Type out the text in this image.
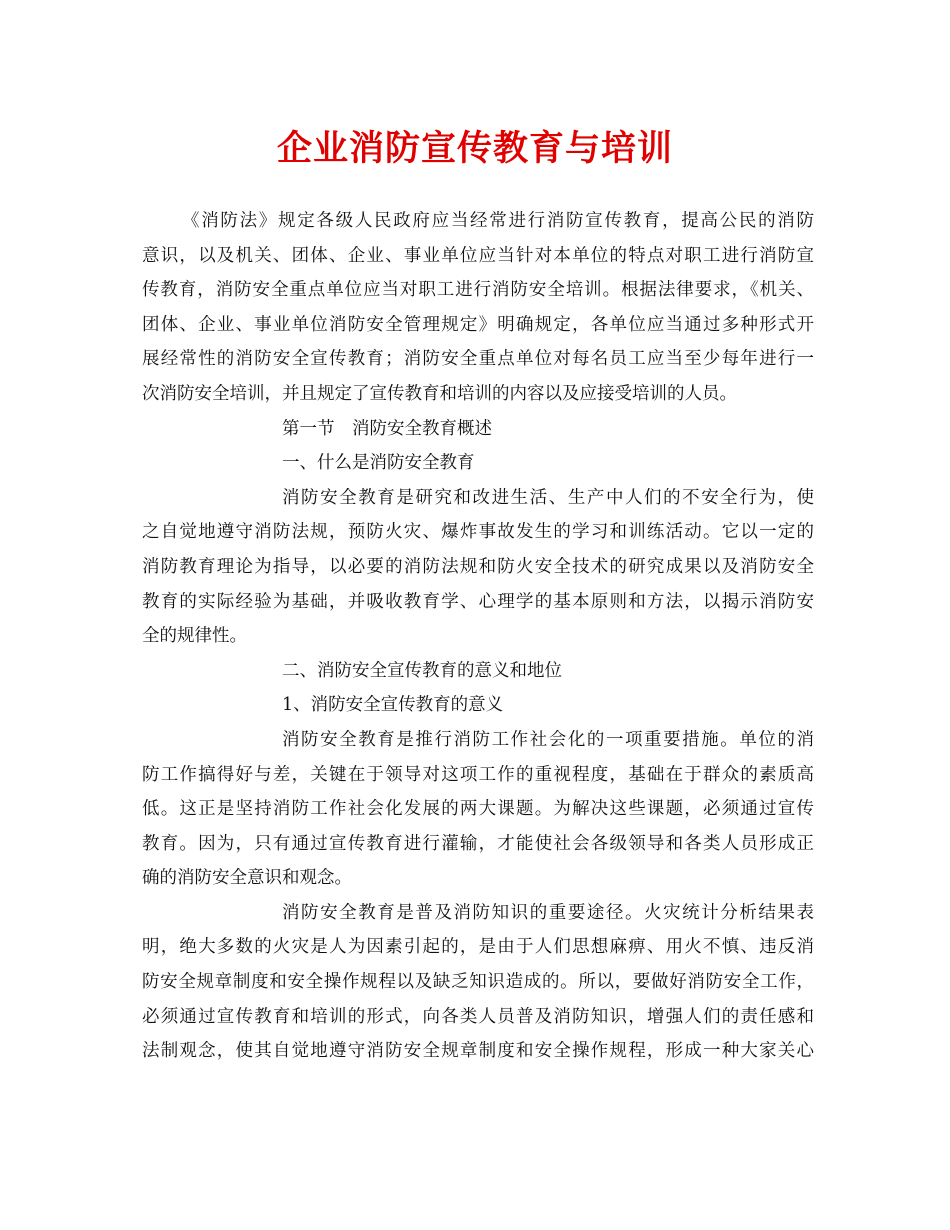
企业消防宣传教育与培训
《消防法》规定各级人民政府应当经常进行消防宣传教育，提高公民的消防
意识，以及机关、团体、企业、事业单位应当针对本单位的特点对职工进行消防宣
传教育，消防安全重点单位应当对职工进行消防安全培训。根据法律要求，《机关、
团体、企业、事业单位消防安全管理规定》明确规定，各单位应当通过多种形式开
展经常性的消防安全宣传教育；消防安全重点单位对每名员工应当至少每年进行一
次消防安全培训，并且规定了宣传教育和培训的内容以及应接受培训的人员。
第一节　消防安全教育概述
一、什么是消防安全教育
消防安全教育是研究和改进生活、生产中人们的不安全行为，使
之自觉地遵守消防法规，预防火灾、爆炸事故发生的学习和训练活动。它以一定的
消防教育理论为指导，以必要的消防法规和防火安全技术的研究成果以及消防安全
教育的实际经验为基础，并吸收教育学、心理学的基本原则和方法，以揭示消防安
全的规律性。
二、消防安全宣传教育的意义和地位
1、消防安全宣传教育的意义
消防安全教育是推行消防工作社会化的一项重要措施。单位的消
防工作搞得好与差，关键在于领导对这项工作的重视程度，基础在于群众的素质高
低。这正是坚持消防工作社会化发展的两大课题。为解决这些课题，必须通过宣传
教育。因为，只有通过宣传教育进行灌输，才能使社会各级领导和各类人员形成正
确的消防安全意识和观念。
消防安全教育是普及消防知识的重要途径。火灾统计分析结果表
明，绝大多数的火灾是人为因素引起的，是由于人们思想麻痹、用火不慎、违反消
防安全规章制度和安全操作规程以及缺乏知识造成的。所以，要做好消防安全工作，
必须通过宣传教育和培训的形式，向各类人员普及消防知识，增强人们的责任感和
法制观念，使其自觉地遵守消防安全规章制度和安全操作规程，形成一种大家关心
